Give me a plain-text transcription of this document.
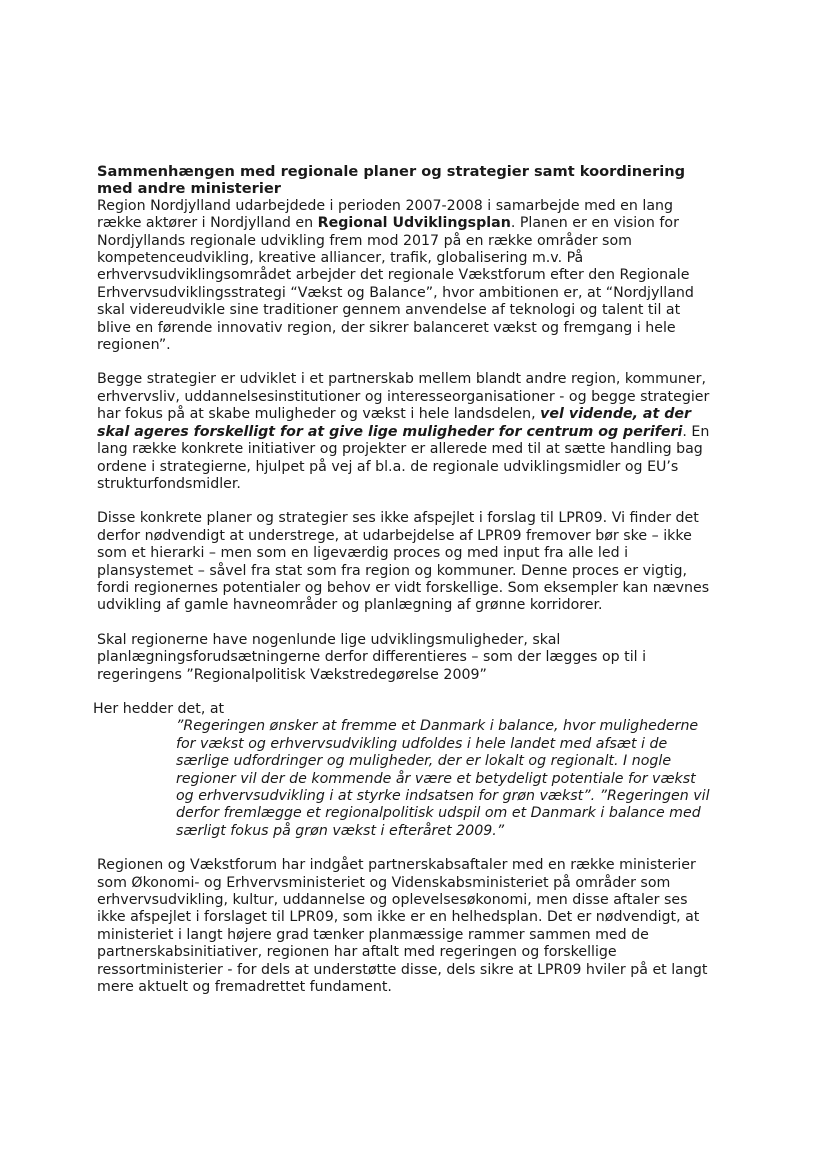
Sammenhængen med regionale planer og strategier samt koordinering med andre ministerier

Region Nordjylland udarbejdede i perioden 2007-2008 i samarbejde med en lang række aktører i Nordjylland en Regional Udviklingsplan. Planen er en vision for Nordjyllands regionale udvikling frem mod 2017 på en række områder som kompetenceudvikling, kreative alliancer, trafik, globalisering m.v. På erhvervsudviklingsområdet arbejder det regionale Vækstforum efter den Regionale Erhvervsudviklingsstrategi “Vækst og Balance”, hvor ambitionen er, at “Nordjylland skal videreudvikle sine traditioner gennem anvendelse af teknologi og talent til at blive en førende innovativ region, der sikrer balanceret vækst og fremgang i hele regionen”.

Begge strategier er udviklet i et partnerskab mellem blandt andre region, kommuner, erhvervsliv, uddannelsesinstitutioner og interesseorganisationer - og begge strategier har fokus på at skabe muligheder og vækst i hele landsdelen, vel vidende, at der skal ageres forskelligt for at give lige muligheder for centrum og periferi. En lang række konkrete initiativer og projekter er allerede med til at sætte handling bag ordene i strategierne, hjulpet på vej af bl.a. de regionale udviklingsmidler og EU’s strukturfondsmidler.

Disse konkrete planer og strategier ses ikke afspejlet i forslag til LPR09. Vi finder det derfor nødvendigt at understrege, at udarbejdelse af LPR09 fremover bør ske – ikke som et hierarki – men som en ligeværdig proces og med input fra alle led i plansystemet – såvel fra stat som fra region og kommuner. Denne proces er vigtig, fordi regionernes potentialer og behov er vidt forskellige. Som eksempler kan nævnes udvikling af gamle havneområder og planlægning af grønne korridorer.

Skal regionerne have nogenlunde lige udviklingsmuligheder, skal planlægningsforudsætningerne derfor differentieres – som der lægges op til i regeringens ”Regionalpolitisk Vækstredegørelse 2009”

Her hedder det, at

”Regeringen ønsker at fremme et Danmark i balance, hvor mulighederne for vækst og erhvervsudvikling udfoldes i hele landet med afsæt i de særlige udfordringer og muligheder, der er lokalt og regionalt. I nogle regioner vil der de kommende år være et betydeligt potentiale for vækst og erhvervsudvikling i at styrke indsatsen for grøn vækst”. ”Regeringen vil derfor fremlægge et regionalpolitisk udspil om et Danmark i balance med særligt fokus på grøn vækst i efteråret 2009.”

Regionen og Vækstforum har indgået partnerskabsaftaler med en række ministerier som Økonomi- og Erhvervsministeriet og Videnskabsministeriet på områder som erhvervsudvikling, kultur, uddannelse og oplevelsesøkonomi, men disse aftaler ses ikke afspejlet i forslaget til LPR09, som ikke er en helhedsplan. Det er nødvendigt, at ministeriet i langt højere grad tænker planmæssige rammer sammen med de partnerskabsinitiativer, regionen har aftalt med regeringen og forskellige ressortministerier - for dels at understøtte disse, dels sikre at LPR09 hviler på et langt mere aktuelt og fremadrettet fundament.
